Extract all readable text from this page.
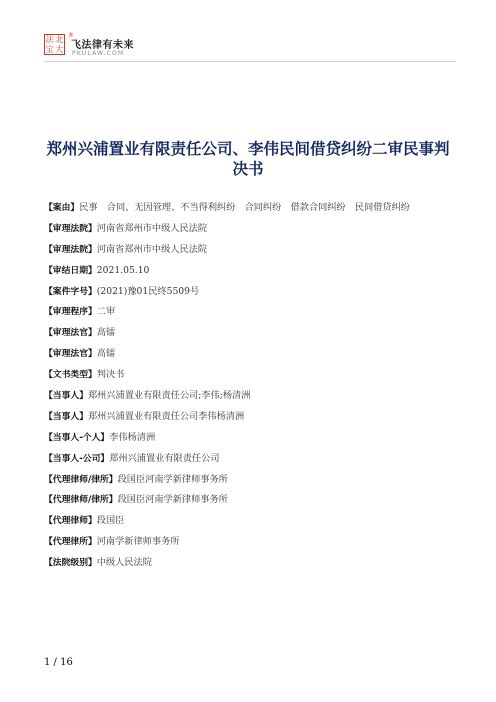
法 北
宝 大
®
飞法律有未来
PKULAW.COM
郑州兴浦置业有限责任公司、李伟民间借贷纠纷二审民事判决书
【案由】民事　合同、无因管理、不当得利纠纷　合同纠纷　借款合同纠纷　民间借贷纠纷
【审理法院】河南省郑州市中级人民法院
【审理法院】河南省郑州市中级人民法院
【审结日期】2021.05.10
【案件字号】(2021)豫01民终5509号
【审理程序】二审
【审理法官】高镭
【审理法官】高镭
【文书类型】判决书
【当事人】郑州兴浦置业有限责任公司;李伟;杨清洲
【当事人】郑州兴浦置业有限责任公司李伟杨清洲
【当事人-个人】李伟杨清洲
【当事人-公司】郑州兴浦置业有限责任公司
【代理律师/律所】段国臣河南学新律师事务所
【代理律师/律所】段国臣河南学新律师事务所
【代理律师】段国臣
【代理律所】河南学新律师事务所
【法院级别】中级人民法院
1 / 16
